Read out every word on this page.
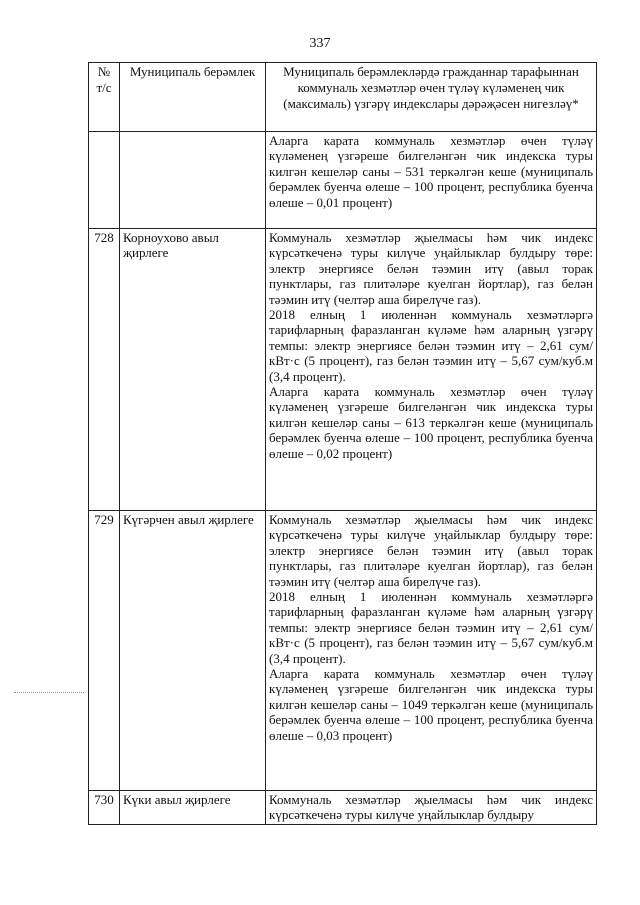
337
№ т/с	Муниципаль берәмлек	Муниципаль берәмлекләрдә гражданнар тарафыннан коммуналь хезмәтләр өчен түләү күләменең чик (максималь) үзгәрү индекслары дәрәҗәсен нигезләү*

		Аларга карата коммуналь хезмәтләр өчен түләү күләменең үзгәреше билгеләнгән чик индекска туры килгән кешеләр саны – 531 теркәлгән кеше (муниципаль берәмлек буенча өлеше – 100 процент, республика буенча өлеше – 0,01 процент)

728	Корноухово авыл җирлеге	Коммуналь хезмәтләр җыелмасы һәм чик индекс күрсәткеченә туры килүче уңайлыклар булдыру төре: электр энергиясе белән тәэмин итү (авыл торак пунктлары, газ плитәләре куелган йортлар), газ белән тәэмин итү (челтәр аша бирелүче газ).

2018 елның 1 июленнән коммуналь хезмәтләргә тарифларның фаразланган күләме һәм аларның үзгәрү темпы: электр энергиясе белән тәэмин итү – 2,61 сум/кВт·с (5 процент), газ белән тәэмин итү – 5,67 сум/куб.м (3,4 процент).

Аларга карата коммуналь хезмәтләр өчен түләү күләменең үзгәреше билгеләнгән чик индекска туры килгән кешеләр саны – 613 теркәлгән кеше (муниципаль берәмлек буенча өлеше – 100 процент, республика буенча өлеше – 0,02 процент)

729	Күгәрчен авыл җирлеге	Коммуналь хезмәтләр җыелмасы һәм чик индекс күрсәткеченә туры килүче уңайлыклар булдыру төре: электр энергиясе белән тәэмин итү (авыл торак пунктлары, газ плитәләре куелган йортлар), газ белән тәэмин итү (челтәр аша бирелүче газ).

2018 елның 1 июленнән коммуналь хезмәтләргә тарифларның фаразланган күләме һәм аларның үзгәрү темпы: электр энергиясе белән тәэмин итү – 2,61 сум/кВт·с (5 процент), газ белән тәэмин итү – 5,67 сум/куб.м (3,4 процент).

Аларга карата коммуналь хезмәтләр өчен түләү күләменең үзгәреше билгеләнгән чик индекска туры килгән кешеләр саны – 1049 теркәлгән кеше (муниципаль берәмлек буенча өлеше – 100 процент, республика буенча өлеше – 0,03 процент)

730	Күки авыл җирлеге	Коммуналь хезмәтләр җыелмасы һәм чик индекс күрсәткеченә туры килүче уңайлыклар булдыру
